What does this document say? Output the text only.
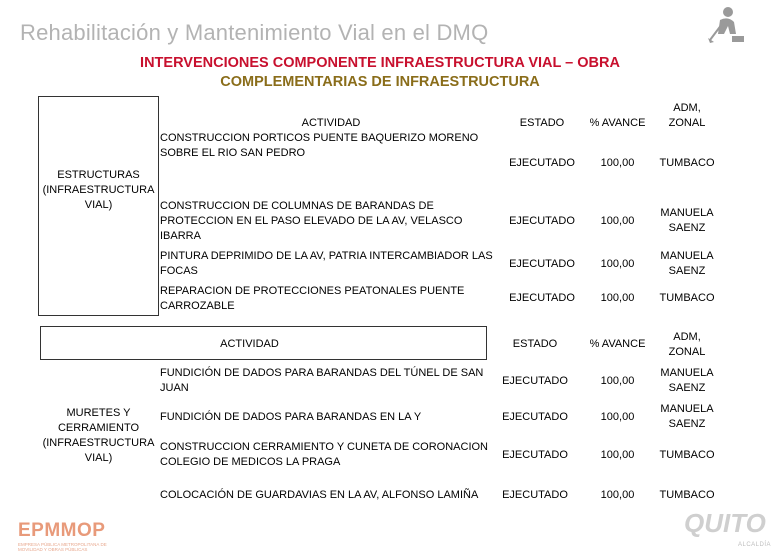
Rehabilitación y Mantenimiento Vial en el DMQ
INTERVENCIONES COMPONENTE INFRAESTRUCTURA VIAL – OBRA
COMPLEMENTARIAS DE INFRAESTRUCTURA
	ACTIVIDAD	ESTADO	% AVANCE	ADM, ZONAL
ESTRUCTURAS (INFRAESTRUCTURA VIAL)	CONSTRUCCION PORTICOS PUENTE BAQUERIZO MORENO SOBRE EL RIO SAN PEDRO	EJECUTADO	100,00	TUMBACO
	CONSTRUCCION DE COLUMNAS DE BARANDAS DE PROTECCION EN EL PASO ELEVADO DE LA AV, VELASCO IBARRA	EJECUTADO	100,00	MANUELA SAENZ
	PINTURA DEPRIMIDO DE LA AV, PATRIA INTERCAMBIADOR LAS FOCAS	EJECUTADO	100,00	MANUELA SAENZ
	REPARACION DE PROTECCIONES PEATONALES PUENTE CARROZABLE	EJECUTADO	100,00	TUMBACO
	ACTIVIDAD	ESTADO	% AVANCE	ADM, ZONAL
MURETES Y CERRAMIENTO (INFRAESTRUCTURA VIAL)	FUNDICIÓN DE DADOS PARA BARANDAS DEL TÚNEL DE SAN JUAN	EJECUTADO	100,00	MANUELA SAENZ
	FUNDICIÓN DE DADOS PARA BARANDAS EN LA Y	EJECUTADO	100,00	MANUELA SAENZ
	CONSTRUCCION CERRAMIENTO Y CUNETA DE CORONACION COLEGIO DE MEDICOS LA PRAGA	EJECUTADO	100,00	TUMBACO
	COLOCACIÓN DE GUARDAVIAS EN LA AV, ALFONSO LAMIÑA	EJECUTADO	100,00	TUMBACO
EPMMOP
EMPRESA PÚBLICA METROPOLITANA DE MOVILIDAD Y OBRAS PÚBLICAS
QUITO
ALCALDÍA
